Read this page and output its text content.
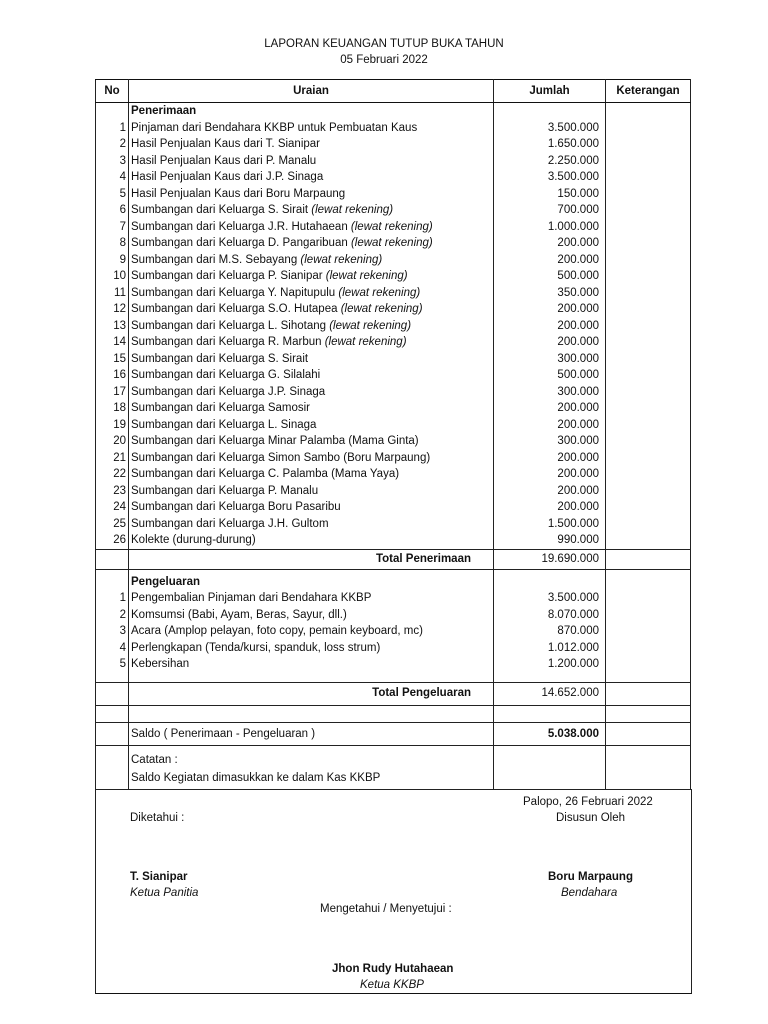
LAPORAN KEUANGAN TUTUP BUKA TAHUN
05 Februari 2022
No	Uraian	Jumlah	Keterangan
	Penerimaan		
1	Pinjaman dari Bendahara KKBP untuk Pembuatan Kaus	3.500.000	
2	Hasil Penjualan Kaus dari T. Sianipar	1.650.000	
3	Hasil Penjualan Kaus dari P. Manalu	2.250.000	
4	Hasil Penjualan Kaus dari J.P. Sinaga	3.500.000	
5	Hasil Penjualan Kaus dari Boru Marpaung	150.000	
6	Sumbangan dari Keluarga S. Sirait (lewat rekening)	700.000	
7	Sumbangan dari Keluarga J.R. Hutahaean (lewat rekening)	1.000.000	
8	Sumbangan dari Keluarga D. Pangaribuan (lewat rekening)	200.000	
9	Sumbangan dari M.S. Sebayang (lewat rekening)	200.000	
10	Sumbangan dari Keluarga P. Sianipar (lewat rekening)	500.000	
11	Sumbangan dari Keluarga Y. Napitupulu (lewat rekening)	350.000	
12	Sumbangan dari Keluarga S.O. Hutapea (lewat rekening)	200.000	
13	Sumbangan dari Keluarga L. Sihotang (lewat rekening)	200.000	
14	Sumbangan dari Keluarga R. Marbun (lewat rekening)	200.000	
15	Sumbangan dari Keluarga S. Sirait	300.000	
16	Sumbangan dari Keluarga G. Silalahi	500.000	
17	Sumbangan dari Keluarga J.P. Sinaga	300.000	
18	Sumbangan dari Keluarga Samosir	200.000	
19	Sumbangan dari Keluarga L. Sinaga	200.000	
20	Sumbangan dari Keluarga Minar Palamba (Mama Ginta)	300.000	
21	Sumbangan dari Keluarga Simon Sambo (Boru Marpaung)	200.000	
22	Sumbangan dari Keluarga C. Palamba (Mama Yaya)	200.000	
23	Sumbangan dari Keluarga P. Manalu	200.000	
24	Sumbangan dari Keluarga Boru Pasaribu	200.000	
25	Sumbangan dari Keluarga J.H. Gultom	1.500.000	
26	Kolekte (durung-durung)	990.000	
	Total Penerimaan	19.690.000	

	Pengeluaran		
1	Pengembalian Pinjaman dari Bendahara KKBP	3.500.000	
2	Komsumsi (Babi, Ayam, Beras, Sayur, dll.)	8.070.000	
3	Acara (Amplop pelayan, foto copy, pemain keyboard, mc)	870.000	
4	Perlengkapan (Tenda/kursi, spanduk, loss strum)	1.012.000	
5	Kebersihan	1.200.000	

	Total Pengeluaran	14.652.000	

	Saldo ( Penerimaan - Pengeluaran )	5.038.000	

	Catatan :		
	Saldo Kegiatan dimasukkan ke dalam Kas KKBP		
Palopo, 26 Februari 2022
Diketahui :	Disusun Oleh
T. Sianipar
Ketua Panitia
Boru Marpaung
Bendahara
Mengetahui / Menyetujui :
Jhon Rudy Hutahaean
Ketua KKBP
